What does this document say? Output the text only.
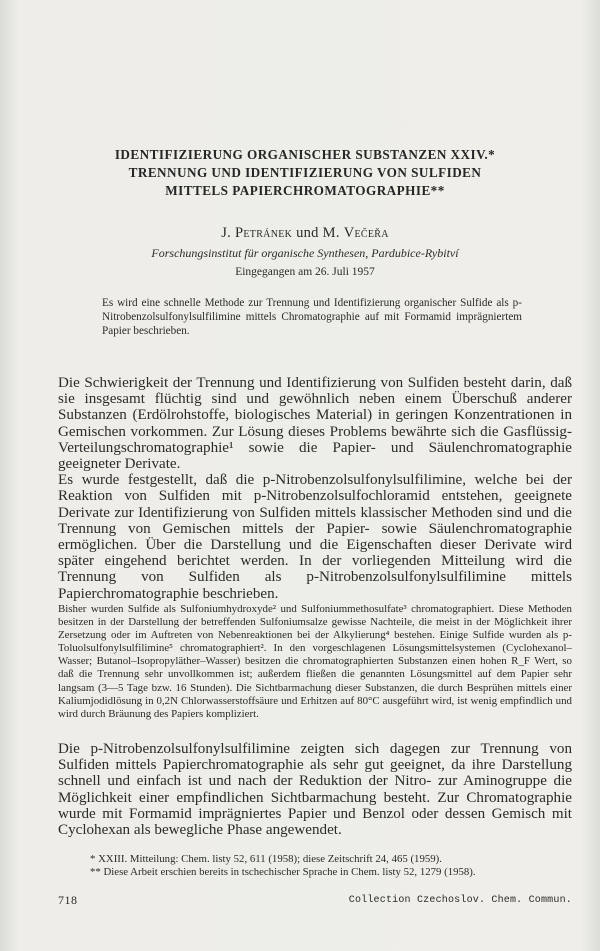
IDENTIFIZIERUNG ORGANISCHER SUBSTANZEN XXIV.*
TRENNUNG UND IDENTIFIZIERUNG VON SULFIDEN
MITTELS PAPIERCHROMATOGRAPHIE**
J. Petránek und M. Večeřa
Forschungsinstitut für organische Synthesen, Pardubice-Rybitví
Eingegangen am 26. Juli 1957
Es wird eine schnelle Methode zur Trennung und Identifizierung organischer Sulfide als p-Nitrobenzolsulfonylsulfilimine mittels Chromatographie auf mit Formamid imprägniertem Papier beschrieben.

Die Schwierigkeit der Trennung und Identifizierung von Sulfiden besteht darin, daß sie insgesamt flüchtig sind und gewöhnlich neben einem Überschuß anderer Substanzen (Erdölrohstoffe, biologisches Material) in geringen Konzentrationen in Gemischen vorkommen. Zur Lösung dieses Problems bewährte sich die Gasflüssig-Verteilungschromatographie¹ sowie die Papier- und Säulenchromatographie geeigneter Derivate.

Es wurde festgestellt, daß die p-Nitrobenzolsulfonylsulfilimine, welche bei der Reaktion von Sulfiden mit p-Nitrobenzolsulfochloramid entstehen, geeignete Derivate zur Identifizierung von Sulfiden mittels klassischer Methoden sind und die Trennung von Gemischen mittels der Papier- sowie Säulenchromatographie ermöglichen. Über die Darstellung und die Eigenschaften dieser Derivate wird später eingehend berichtet werden. In der vorliegenden Mitteilung wird die Trennung von Sulfiden als p-Nitrobenzolsulfonylsulfilimine mittels Papierchromatographie beschrieben.

Bisher wurden Sulfide als Sulfoniumhydroxyde² und Sulfoniummethosulfate³ chromatographiert. Diese Methoden besitzen in der Darstellung der betreffenden Sulfoniumsalze gewisse Nachteile, die meist in der Möglichkeit ihrer Zersetzung oder im Auftreten von Nebenreaktionen bei der Alkylierung⁴ bestehen. Einige Sulfide wurden als p-Toluolsulfonylsulfilimine⁵ chromatographiert². In den vorgeschlagenen Lösungsmittelsystemen (Cyclohexanol–Wasser; Butanol–Isopropyläther–Wasser) besitzen die chromatographierten Substanzen einen hohen R_F Wert, so daß die Trennung sehr unvollkommen ist; außerdem fließen die genannten Lösungsmittel auf dem Papier sehr langsam (3—5 Tage bzw. 16 Stunden). Die Sichtbarmachung dieser Substanzen, die durch Besprühen mittels einer Kaliumjodidlösung in 0,2N Chlorwasserstoffsäure und Erhitzen auf 80°C ausgeführt wird, ist wenig empfindlich und wird durch Bräunung des Papiers kompliziert.
Die p-Nitrobenzolsulfonylsulfilimine zeigten sich dagegen zur Trennung von Sulfiden mittels Papierchromatographie als sehr gut geeignet, da ihre Darstellung schnell und einfach ist und nach der Reduktion der Nitro- zur Aminogruppe die Möglichkeit einer empfindlichen Sichtbarmachung besteht. Zur Chromatographie wurde mit Formamid imprägniertes Papier und Benzol oder dessen Gemisch mit Cyclohexan als bewegliche Phase angewendet.
* XXIII. Mitteilung: Chem. listy 52, 611 (1958); diese Zeitschrift 24, 465 (1959).
** Diese Arbeit erschien bereits in tschechischer Sprache in Chem. listy 52, 1279 (1958).
718	Collection Czechoslov. Chem. Commun.
